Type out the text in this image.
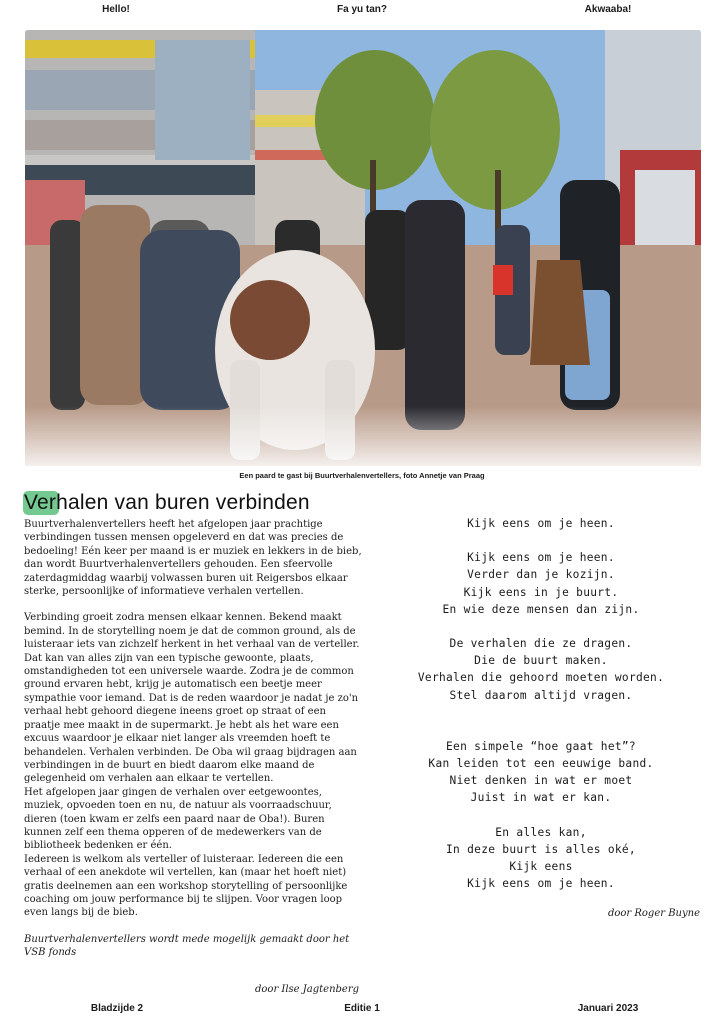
Hello!	Fa yu tan?	Akwaaba!
Een paard te gast bij Buurtverhalenvertellers, foto Annetje van Praag
Verhalen van buren verbinden

Buurtverhalenvertellers heeft het afgelopen jaar prachtige verbindingen tussen mensen opgeleverd en dat was precies de bedoeling! Eén keer per maand is er muziek en lekkers in de bieb, dan wordt Buurtverhalenvertellers gehouden. Een sfeervolle zaterdagmiddag waarbij volwassen buren uit Reigersbos elkaar sterke, persoonlijke of informatieve verhalen vertellen.

Verbinding groeit zodra mensen elkaar kennen. Bekend maakt bemind. In de storytelling noem je dat de common ground, als de luisteraar iets van zichzelf herkent in het verhaal van de verteller. Dat kan van alles zijn van een typische gewoonte, plaats, omstandigheden tot een universele waarde. Zodra je de common ground ervaren hebt, krijg je automatisch een beetje meer sympathie voor iemand. Dat is de reden waardoor je nadat je zo'n verhaal hebt gehoord diegene ineens groet op straat of een praatje mee maakt in de supermarkt. Je hebt als het ware een excuus waardoor je elkaar niet langer als vreemden hoeft te behandelen. Verhalen verbinden. De Oba wil graag bijdragen aan verbindingen in de buurt en biedt daarom elke maand de gelegenheid om verhalen aan elkaar te vertellen.

Het afgelopen jaar gingen de verhalen over eetgewoontes, muziek, opvoeden toen en nu, de natuur als voorraadschuur, dieren (toen kwam er zelfs een paard naar de Oba!). Buren kunnen zelf een thema opperen of de medewerkers van de bibliotheek bedenken er één.

Iedereen is welkom als verteller of luisteraar. Iedereen die een verhaal of een anekdote wil vertellen, kan (maar het hoeft niet) gratis deelnemen aan een workshop storytelling of persoonlijke coaching om jouw performance bij te slijpen. Voor vragen loop even langs bij de bieb.

Buurtverhalenvertellers wordt mede mogelijk gemaakt door het VSB fonds

door Ilse Jagtenberg
Kijk eens om je heen.
Kijk eens om je heen.
Verder dan je kozijn.
Kijk eens in je buurt.
En wie deze mensen dan zijn.
De verhalen die ze dragen.
Die de buurt maken.
Verhalen die gehoord moeten worden.
Stel daarom altijd vragen.
Een simpele “hoe gaat het”?
Kan leiden tot een eeuwige band.
Niet denken in wat er moet
Juist in wat er kan.
En alles kan,
In deze buurt is alles oké,
Kijk eens
Kijk eens om je heen.
door Roger Buyne
Bladzijde 2	Editie 1	Januari 2023
